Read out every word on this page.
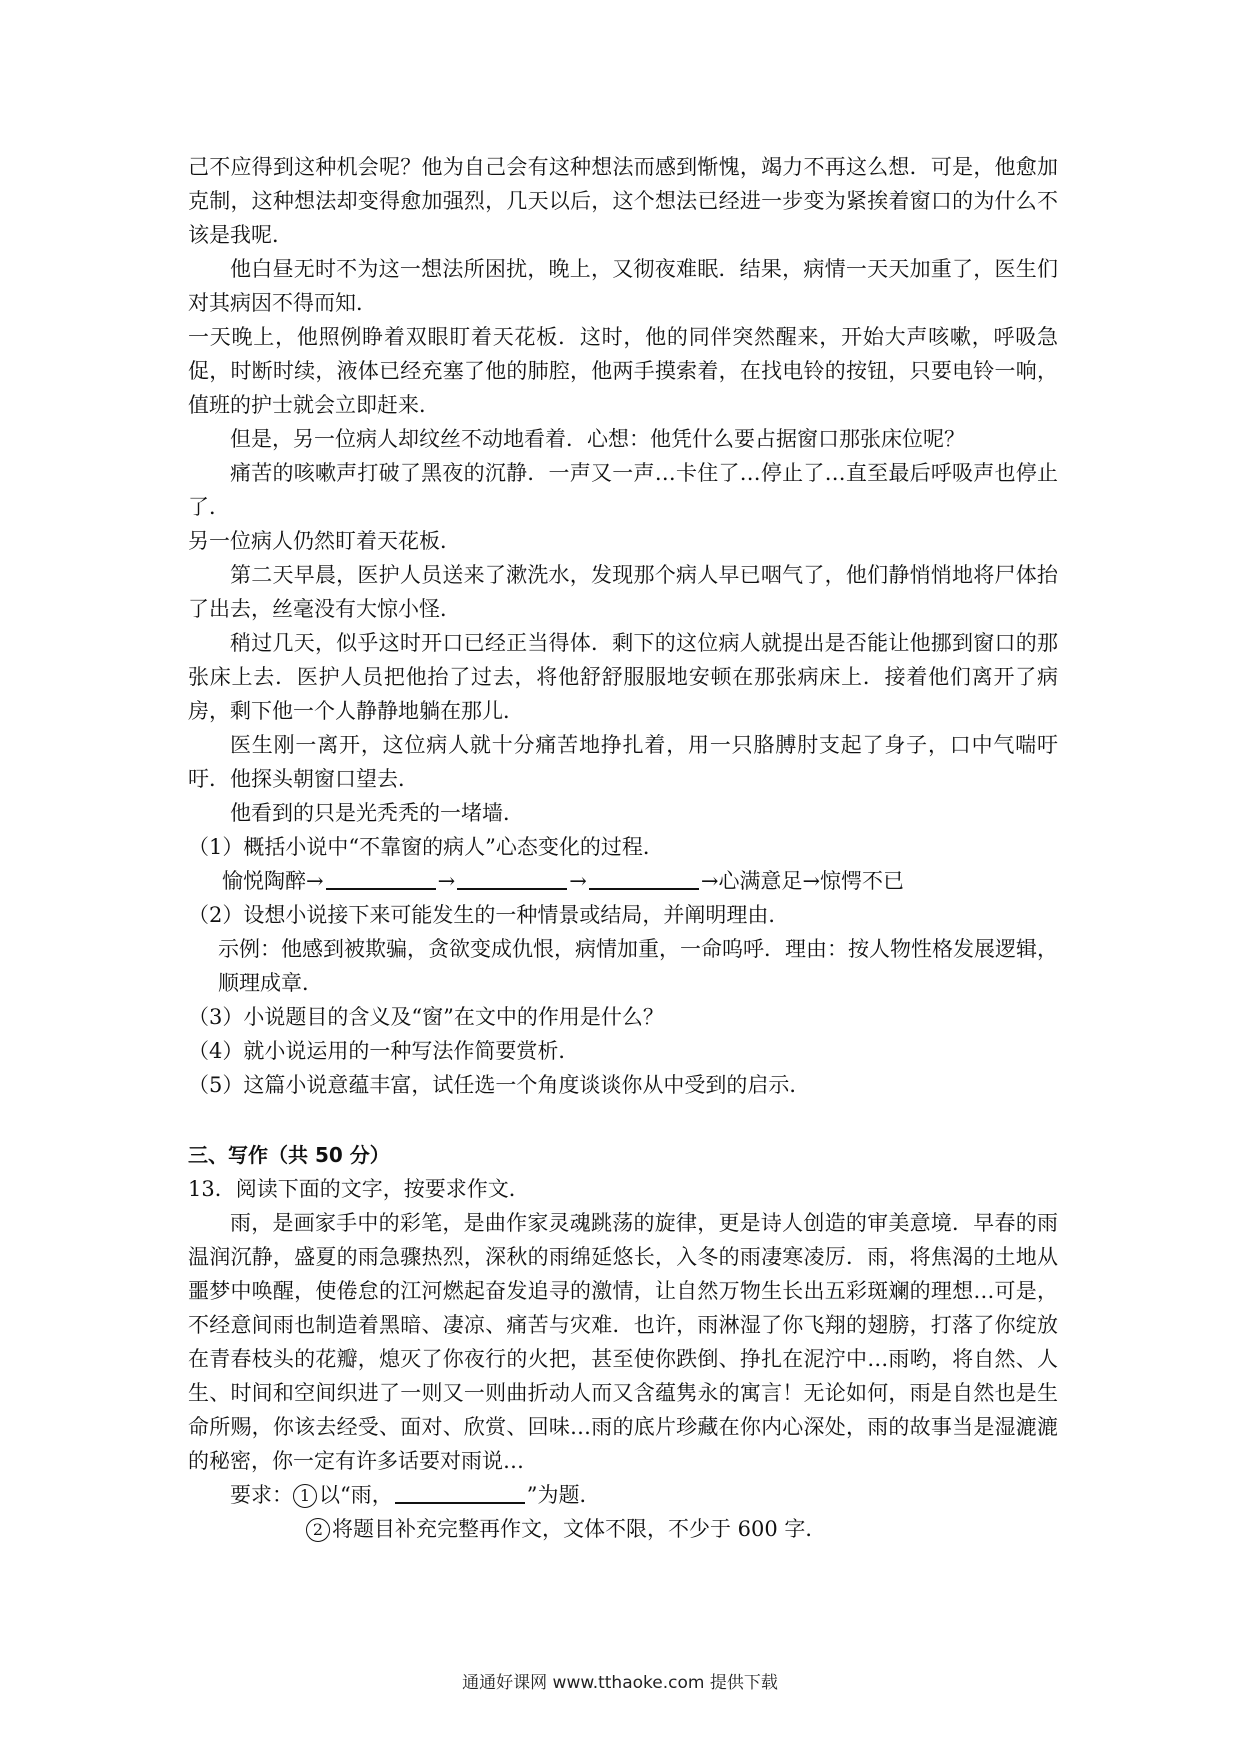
己不应得到这种机会呢？他为自己会有这种想法而感到惭愧，竭力不再这么想．可是，他愈加克制，这种想法却变得愈加强烈，几天以后，这个想法已经进一步变为紧挨着窗口的为什么不该是我呢．

他白昼无时不为这一想法所困扰，晚上，又彻夜难眠．结果，病情一天天加重了，医生们对其病因不得而知．

一天晚上，他照例睁着双眼盯着天花板．这时，他的同伴突然醒来，开始大声咳嗽，呼吸急促，时断时续，液体已经充塞了他的肺腔，他两手摸索着，在找电铃的按钮，只要电铃一响，值班的护士就会立即赶来．

但是，另一位病人却纹丝不动地看着．心想：他凭什么要占据窗口那张床位呢？

痛苦的咳嗽声打破了黑夜的沉静．一声又一声…卡住了…停止了…直至最后呼吸声也停止了．

另一位病人仍然盯着天花板．

第二天早晨，医护人员送来了漱洗水，发现那个病人早已咽气了，他们静悄悄地将尸体抬了出去，丝毫没有大惊小怪．

稍过几天，似乎这时开口已经正当得体．剩下的这位病人就提出是否能让他挪到窗口的那张床上去．医护人员把他抬了过去，将他舒舒服服地安顿在那张病床上．接着他们离开了病房，剩下他一个人静静地躺在那儿．

医生刚一离开，这位病人就十分痛苦地挣扎着，用一只胳膊肘支起了身子，口中气喘吁吁．他探头朝窗口望去．

他看到的只是光秃秃的一堵墙．

（1）概括小说中“不靠窗的病人”心态变化的过程．

愉悦陶醉→	→	→	→心满意足→惊愕不已

（2）设想小说接下来可能发生的一种情景或结局，并阐明理由．

示例：他感到被欺骗，贪欲变成仇恨，病情加重，一命呜呼．理由：按人物性格发展逻辑，顺理成章．

（3）小说题目的含义及“窗”在文中的作用是什么？

（4）就小说运用的一种写法作简要赏析．

（5）这篇小说意蕴丰富，试任选一个角度谈谈你从中受到的启示．

三、写作（共 50 分）

13．阅读下面的文字，按要求作文．

雨，是画家手中的彩笔，是曲作家灵魂跳荡的旋律，更是诗人创造的审美意境．早春的雨温润沉静，盛夏的雨急骤热烈，深秋的雨绵延悠长，入冬的雨凄寒凌厉．雨，将焦渴的土地从噩梦中唤醒，使倦怠的江河燃起奋发追寻的激情，让自然万物生长出五彩斑斓的理想…可是，不经意间雨也制造着黑暗、凄凉、痛苦与灾难．也许，雨淋湿了你飞翔的翅膀，打落了你绽放在青春枝头的花瓣，熄灭了你夜行的火把，甚至使你跌倒、挣扎在泥泞中…雨哟，将自然、人生、时间和空间织进了一则又一则曲折动人而又含蕴隽永的寓言！无论如何，雨是自然也是生命所赐，你该去经受、面对、欣赏、回味…雨的底片珍藏在你内心深处，雨的故事当是湿漉漉的秘密，你一定有许多话要对雨说…

要求： 1 以“雨，	”为题．

2 将题目补充完整再作文，文体不限，不少于 600 字．

通通好课网 www.tthaoke.com 提供下载
